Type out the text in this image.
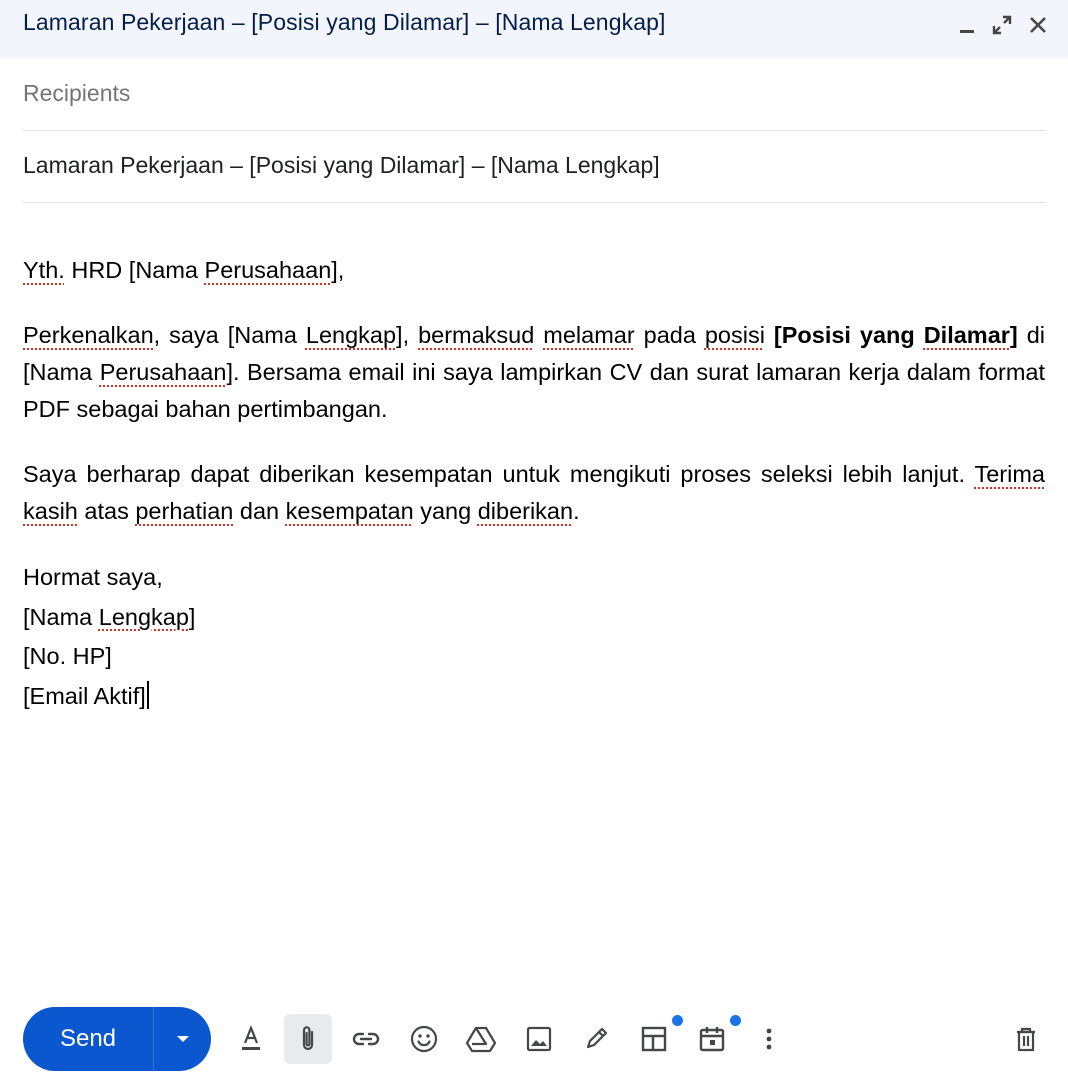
Lamaran Pekerjaan – [Posisi yang Dilamar] – [Nama Lengkap]
Recipients
Lamaran Pekerjaan – [Posisi yang Dilamar] – [Nama Lengkap]

Yth. HRD [Nama Perusahaan],

Perkenalkan, saya [Nama Lengkap], bermaksud melamar pada posisi [Posisi yang Dilamar] di [Nama Perusahaan]. Bersama email ini saya lampirkan CV dan surat lamaran kerja dalam format PDF sebagai bahan pertimbangan.

Saya berharap dapat diberikan kesempatan untuk mengikuti proses seleksi lebih lanjut. Terima kasih atas perhatian dan kesempatan yang diberikan.

Hormat saya,
[Nama Lengkap]
[No. HP]
[Email Aktif]
Send
